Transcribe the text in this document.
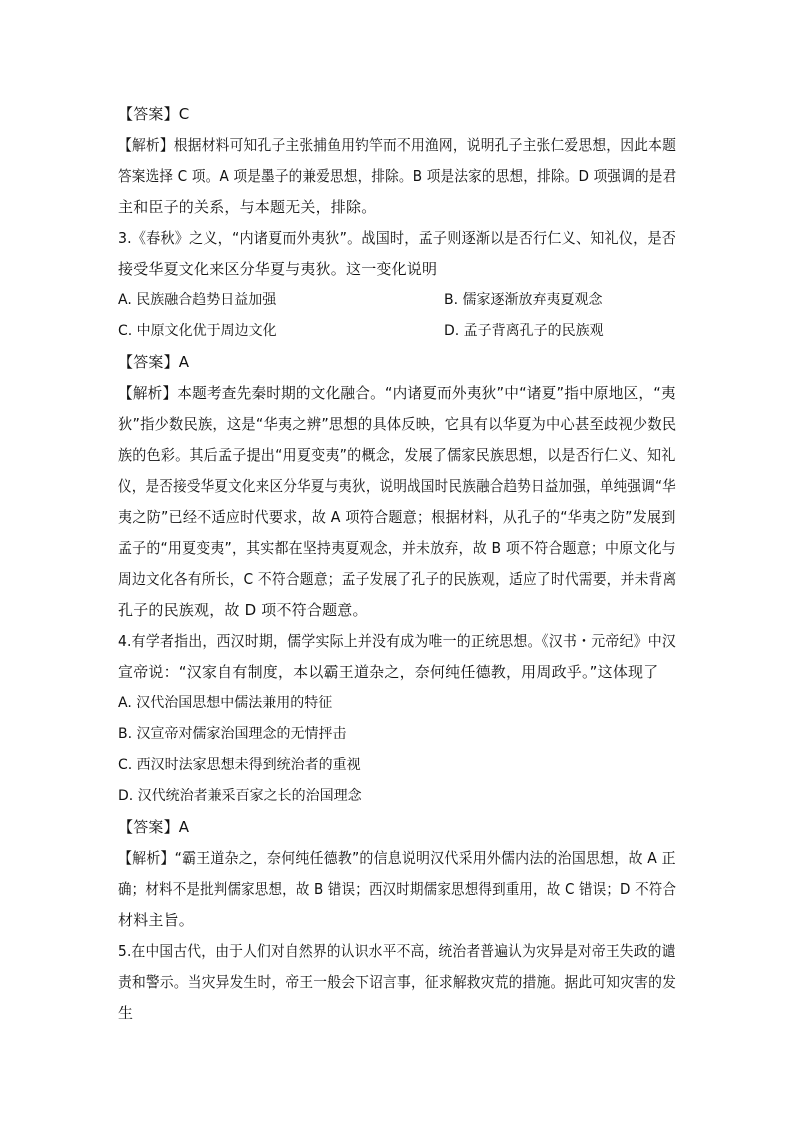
【答案】C
【解析】根据材料可知孔子主张捕鱼用钓竿而不用渔网，说明孔子主张仁爱思想，因此本题
答案选择 C 项。A 项是墨子的兼爱思想，排除。B 项是法家的思想，排除。D 项强调的是君
主和臣子的关系，与本题无关，排除。
3.《春秋》之义，“内诸夏而外夷狄”。战国时，孟子则逐渐以是否行仁义、知礼仪，是否
接受华夏文化来区分华夏与夷狄。这一变化说明
A. 民族融合趋势日益加强	B. 儒家逐渐放弃夷夏观念
C. 中原文化优于周边文化	D. 孟子背离孔子的民族观
【答案】A
【解析】本题考查先秦时期的文化融合。“内诸夏而外夷狄”中“诸夏”指中原地区，“夷
狄”指少数民族，这是“华夷之辨”思想的具体反映，它具有以华夏为中心甚至歧视少数民
族的色彩。其后孟子提出“用夏变夷”的概念，发展了儒家民族思想，以是否行仁义、知礼
仪，是否接受华夏文化来区分华夏与夷狄，说明战国时民族融合趋势日益加强，单纯强调“华
夷之防”已经不适应时代要求，故 A 项符合题意；根据材料，从孔子的“华夷之防”发展到
孟子的“用夏变夷”，其实都在坚持夷夏观念，并未放弃，故 B 项不符合题意；中原文化与
周边文化各有所长，C 不符合题意；孟子发展了孔子的民族观，适应了时代需要，并未背离
孔子的民族观，故 D 项不符合题意。
4.有学者指出，西汉时期，儒学实际上并没有成为唯一的正统思想。《汉书・元帝纪》中汉
宣帝说：“汉家自有制度，本以霸王道杂之，奈何纯任德教，用周政乎。”这体现了
A. 汉代治国思想中儒法兼用的特征
B. 汉宣帝对儒家治国理念的无情抨击
C. 西汉时法家思想未得到统治者的重视
D. 汉代统治者兼采百家之长的治国理念
【答案】A
【解析】“霸王道杂之，奈何纯任德教”的信息说明汉代采用外儒内法的治国思想，故 A 正
确；材料不是批判儒家思想，故 B 错误；西汉时期儒家思想得到重用，故 C 错误；D 不符合
材料主旨。
5.在中国古代，由于人们对自然界的认识水平不高，统治者普遍认为灾异是对帝王失政的谴
责和警示。当灾异发生时，帝王一般会下诏言事，征求解救灾荒的措施。据此可知灾害的发
生
